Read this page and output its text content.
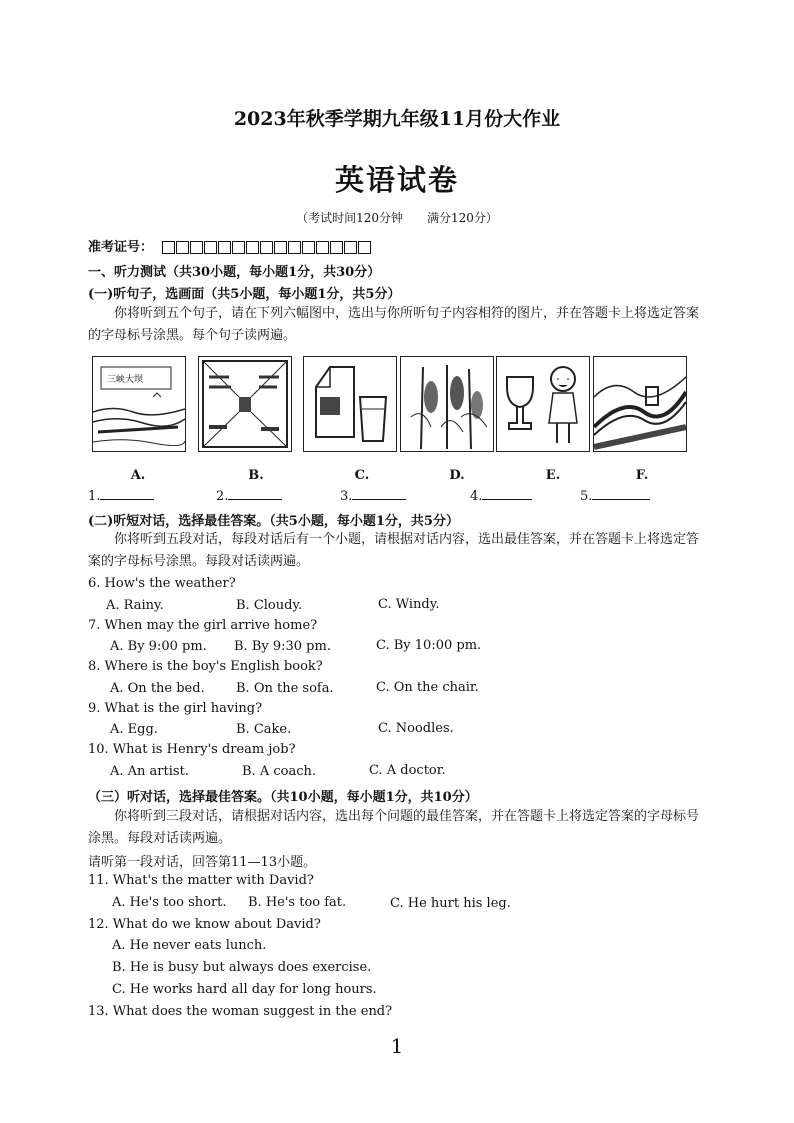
2023年秋季学期九年级11月份大作业
英语试卷
（考试时间120分钟　　满分120分）
准考证号：
一、听力测试（共30小题，每小题1分，共30分）
(一)听句子，选画面（共5小题，每小题1分，共5分）
你将听到五个句子，请在下列六幅图中，选出与你所听句子内容相符的图片，并在答题卡上将选定答案的字母标号涂黑。每个句子读两遍。
三峡大坝
A.	B.	C.	D.	E.	F.
1.	2.	3.	4.	5.
(二)听短对话，选择最佳答案。（共5小题，每小题1分，共5分）
你将听到五段对话，每段对话后有一个小题，请根据对话内容，选出最佳答案，并在答题卡上将选定答案的字母标号涂黑。每段对话读两遍。
6. How's the weather?
A. Rainy.	B. Cloudy.	C. Windy.
7. When may the girl arrive home?
A. By 9:00 pm. B. By 9:30 pm.	C. By 10:00 pm.
8. Where is the boy's English book?
A. On the bed. B. On the sofa.	C. On the chair.
9. What is the girl having?
A. Egg.	B. Cake.	C. Noodles.
10. What is Henry's dream job?
A. An artist.	B. A coach.	C. A doctor.
（三）听对话，选择最佳答案。（共10小题，每小题1分，共10分）
你将听到三段对话，请根据对话内容，选出每个问题的最佳答案，并在答题卡上将选定答案的字母标号涂黑。每段对话读两遍。
请听第一段对话，回答第11—13小题。
11. What's the matter with David?
A. He's too short. B. He's too fat.	C. He hurt his leg.
12. What do we know about David?
A. He never eats lunch.
B. He is busy but always does exercise.
C. He works hard all day for long hours.
13. What does the woman suggest in the end?
1
